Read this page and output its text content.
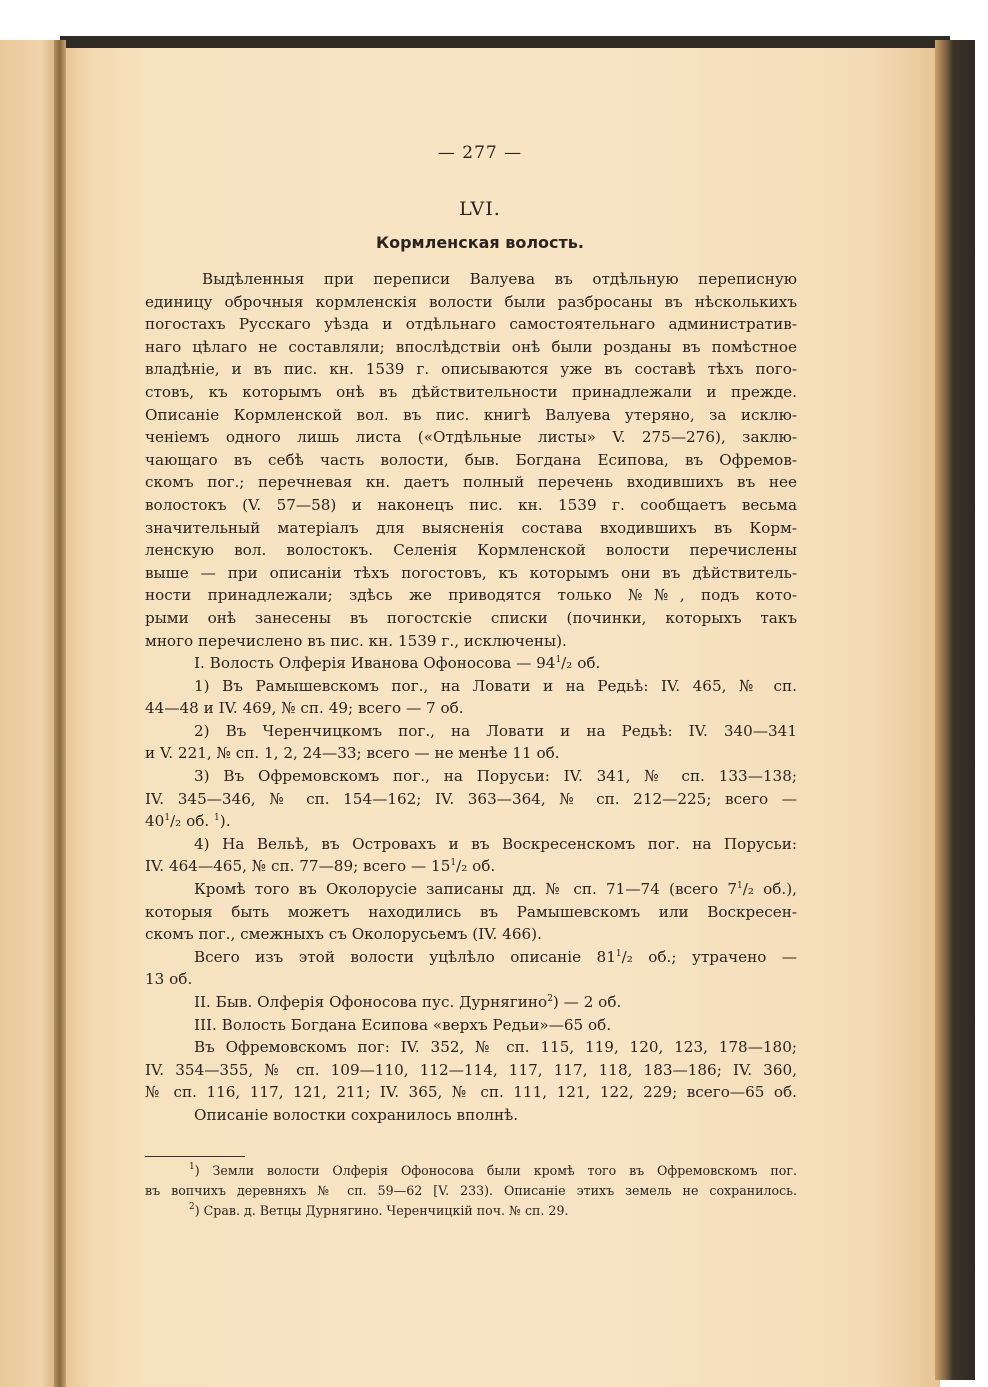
— 277 —
LVI.
Кормленская волость.
Выдѣленныя при переписи Валуева въ отдѣльную переписную
единицу оброчныя кормленскія волости были разбросаны въ нѣсколькихъ
погостахъ Русскаго уѣзда и отдѣльнаго самостоятельнаго административ-
наго цѣлаго не составляли; впослѣдствіи онѣ были розданы въ помѣстное
владѣніе, и въ пис. кн. 1539 г. описываются уже въ составѣ тѣхъ пого-
стовъ, къ которымъ онѣ въ дѣйствительности принадлежали и прежде.
Описаніе Кормленской вол. въ пис. книгѣ Валуева утеряно, за исклю-
ченіемъ одного лишь листа («Отдѣльные листы» V. 275—276), заклю-
чающаго въ себѣ часть волости, быв. Богдана Есипова, въ Офремов-
скомъ пог.; перечневая кн. даетъ полный перечень входившихъ въ нее
волостокъ (V. 57—58) и наконецъ пис. кн. 1539 г. сообщаетъ весьма
значительный матеріалъ для выясненія состава входившихъ въ Корм-
ленскую вол. волостокъ. Селенія Кормленской волости перечислены
выше — при описаніи тѣхъ погостовъ, къ которымъ они въ дѣйствитель-
ности принадлежали; здѣсь же приводятся только №№, подъ кото-
рыми онѣ занесены въ погостскіе списки (починки, которыхъ такъ
много перечислено въ пис. кн. 1539 г., исключены).
I. Волость Олферія Иванова Офоносова — $94^1/_2$ об.
1) Въ Рамышевскомъ пог., на Ловати и на Редьѣ: IV. 465, № сп.
44—48 и IV. 469, № сп. 49; всего — 7 об.
2) Въ Черенчицкомъ пог., на Ловати и на Редьѣ: IV. 340—341
и V. 221, № сп. 1, 2, 24—33; всего — не менѣе 11 об.
3) Въ Офремовскомъ пог., на Порусьи: IV. 341, № сп. 133—138;
IV. 345—346, № сп. 154—162; IV. 363—364, № сп. 212—225; всего —
$40^1/_2$ об. $^1$).
4) На Вельѣ, въ Островахъ и въ Воскресенскомъ пог. на Порусьи:
IV. 464—465, № сп. 77—89; всего — $15^1/_2$ об.
Кромѣ того въ Околорусіе записаны дд. № сп. 71—74 (всего $7^1/_2$ об.),
которыя быть можетъ находились въ Рамышевскомъ или Воскресен-
скомъ пог., смежныхъ съ Околорусьемъ (IV. 466).
Всего изъ этой волости уцѣлѣло описаніе $81^1/_2$ об.; утрачено —
13 об.
II. Быв. Олферія Офоносова пус. Дурнягино$^2$) — 2 об.
III. Волость Богдана Есипова «верхъ Редьи»—65 об.
Въ Офремовскомъ пог: IV. 352, № сп. 115, 119, 120, 123, 178—180;
IV. 354—355, № сп. 109—110, 112—114, 117, 117, 118, 183—186; IV. 360,
№ сп. 116, 117, 121, 211; IV. 365, № сп. 111, 121, 122, 229; всего—65 об.
Описаніе волостки сохранилось вполнѣ.
$^1$) Земли волости Олферія Офоносова были кромѣ того въ Офремовскомъ пог.
въ вопчихъ деревняхъ № сп. 59—62 [V. 233). Описаніе этихъ земель не сохранилось.
$^2$) Срав. д. Ветцы Дурнягино. Черенчицкій поч. № сп. 29.
